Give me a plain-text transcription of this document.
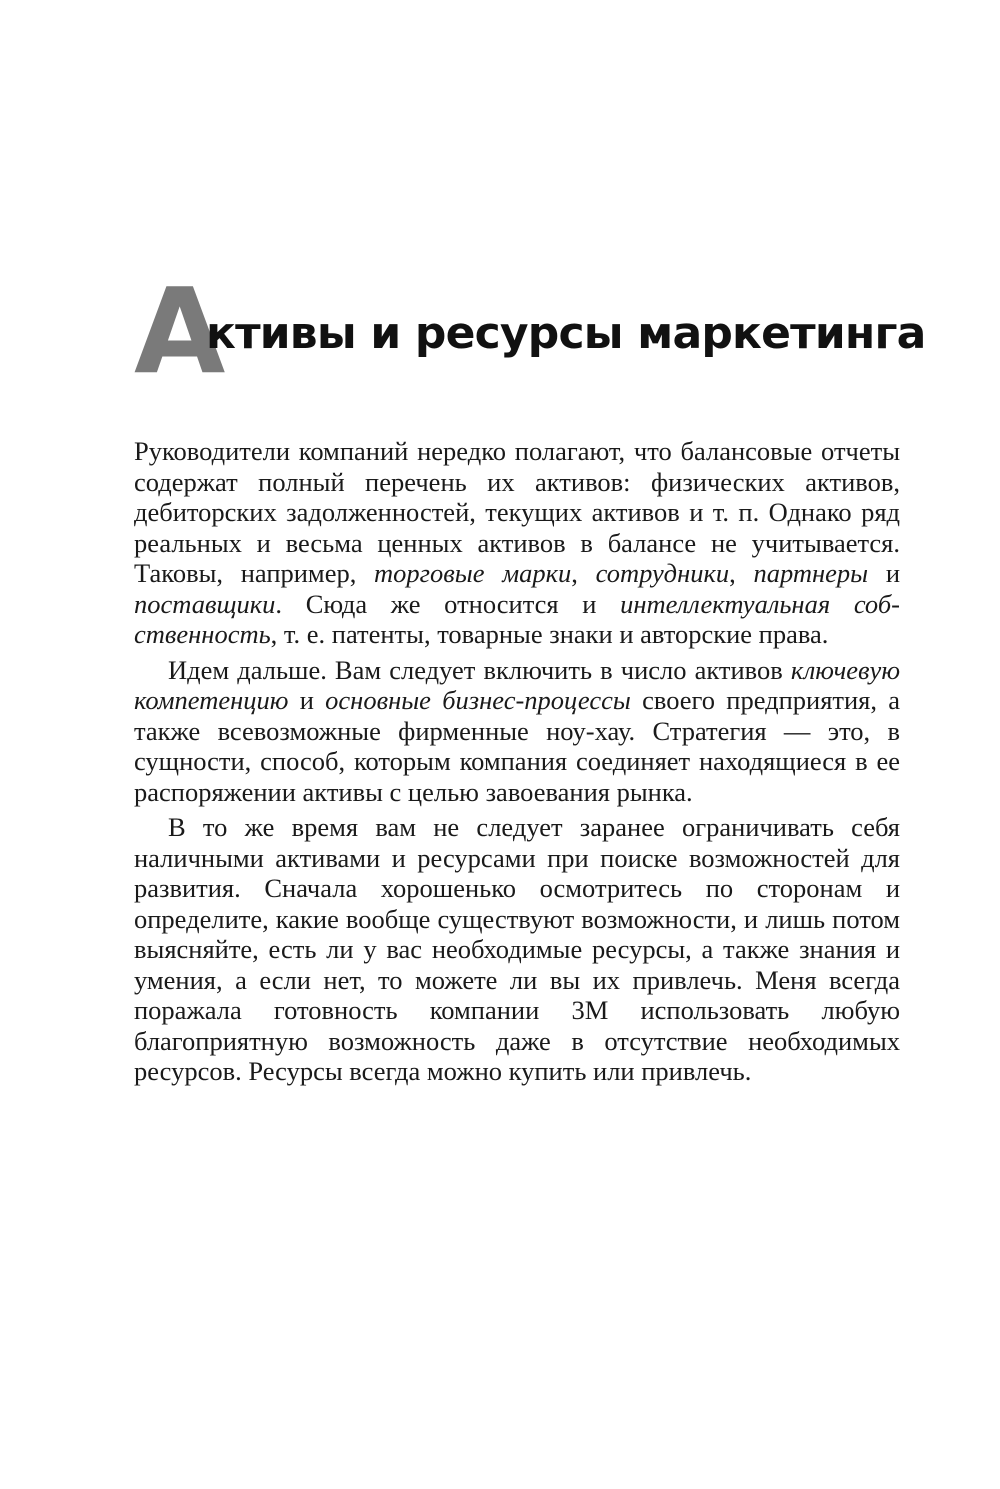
А
ктивы и ресурсы маркетинга

Руководители компаний нередко полагают, что балансовые отчеты содержат полный перечень их активов: физических активов, дебиторских задолженностей, текущих активов и т. п. Однако ряд реальных и весьма ценных активов в балансе не учитывается. Таковы, например, торговые марки, сотрудники, партнеры и поставщики. Сюда же относится и интеллектуальная собственность, т. е. патенты, товарные знаки и авторские права.

Идем дальше. Вам следует включить в число активов ключевую компетенцию и основные бизнес-процессы своего предприятия, а также всевозможные фирменные ноу-хау. Стратегия — это, в сущности, способ, которым компания соединяет находящиеся в ее распоряжении активы с целью завоевания рынка.

В то же время вам не следует заранее ограничивать себя наличными активами и ресурсами при поиске возможностей для развития. Сначала хорошенько осмотритесь по сторонам и определите, какие вообще существуют возможности, и лишь потом выясняйте, есть ли у вас необходимые ресурсы, а также знания и умения, а если нет, то можете ли вы их привлечь. Меня всегда поражала готовность компании 3М использовать любую благоприятную возможность даже в отсутствие необходимых ресурсов. Ресурсы всегда можно купить или привлечь.
